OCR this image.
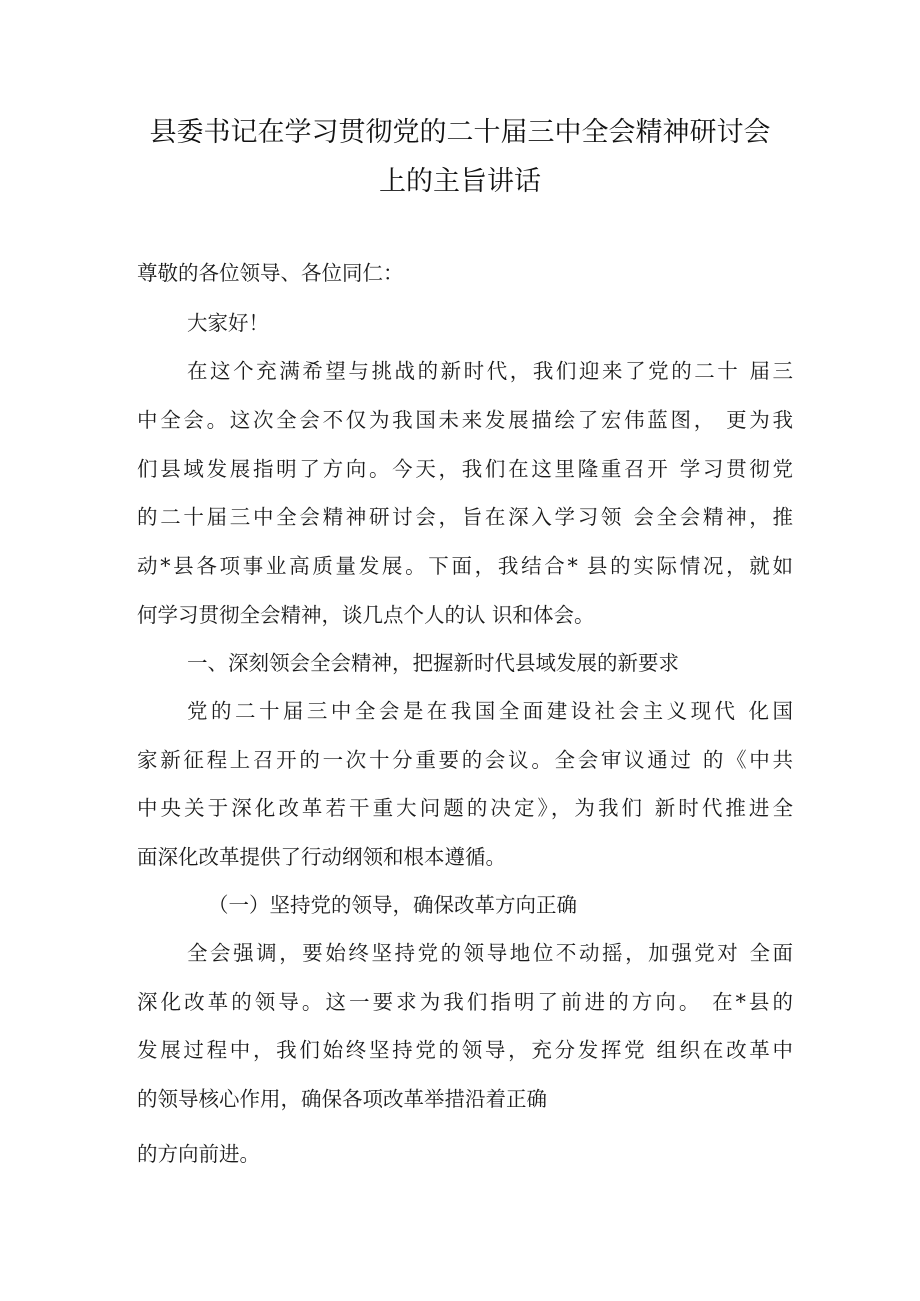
县委书记在学习贯彻党的二十届三中全会精神研讨会
上的主旨讲话
尊敬的各位领导、各位同仁：
大家好！
在这个充满希望与挑战的新时代，我们迎来了党的二十 届三
中全会。这次全会不仅为我国未来发展描绘了宏伟蓝图， 更为我
们县域发展指明了方向。今天，我们在这里隆重召开 学习贯彻党
的二十届三中全会精神研讨会，旨在深入学习领 会全会精神，推
动*县各项事业高质量发展。下面，我结合* 县的实际情况，就如
何学习贯彻全会精神，谈几点个人的认 识和体会。
一、深刻领会全会精神，把握新时代县域发展的新要求
党的二十届三中全会是在我国全面建设社会主义现代 化国
家新征程上召开的一次十分重要的会议。全会审议通过 的《中共
中央关于深化改革若干重大问题的决定》，为我们 新时代推进全
面深化改革提供了行动纲领和根本遵循。
（一）坚持党的领导，确保改革方向正确
全会强调，要始终坚持党的领导地位不动摇，加强党对 全面
深化改革的领导。这一要求为我们指明了前进的方向。 在*县的
发展过程中，我们始终坚持党的领导，充分发挥党 组织在改革中
的领导核心作用，确保各项改革举措沿着正确
的方向前进。
